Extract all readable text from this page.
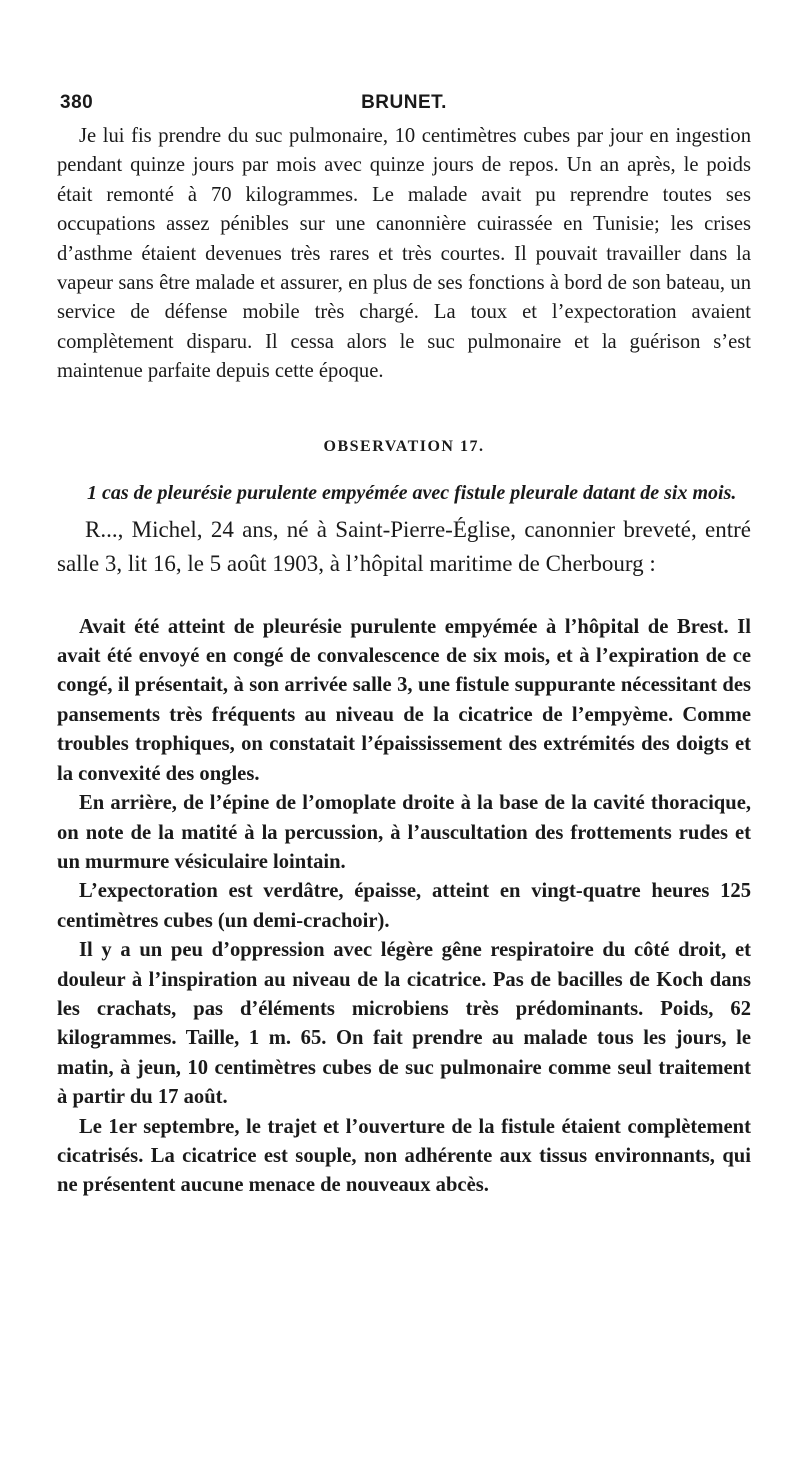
380	BRUNET.

Je lui fis prendre du suc pulmonaire, 10 centimètres cubes par jour en ingestion pendant quinze jours par mois avec quinze jours de repos. Un an après, le poids était remonté à 70 kilogrammes. Le malade avait pu reprendre toutes ses occupations assez pénibles sur une canonnière cuirassée en Tunisie; les crises d’asthme étaient devenues très rares et très courtes. Il pouvait travailler dans la vapeur sans être malade et assurer, en plus de ses fonctions à bord de son bateau, un service de défense mobile très chargé. La toux et l’expectoration avaient complètement disparu. Il cessa alors le suc pulmonaire et la guérison s’est maintenue parfaite depuis cette époque.

OBSERVATION 17.

1 cas de pleurésie purulente empyémée avec fistule pleurale datant de six mois.

R..., Michel, 24 ans, né à Saint-Pierre-Église, canonnier breveté, entré salle 3, lit 16, le 5 août 1903, à l’hôpital maritime de Cherbourg :

Avait été atteint de pleurésie purulente empyémée à l’hôpital de Brest. Il avait été envoyé en congé de convalescence de six mois, et à l’expiration de ce congé, il présentait, à son arrivée salle 3, une fistule suppurante nécessitant des pansements très fréquents au niveau de la cicatrice de l’empyème. Comme troubles trophiques, on constatait l’épaississement des extrémités des doigts et la convexité des ongles.

En arrière, de l’épine de l’omoplate droite à la base de la cavité thoracique, on note de la matité à la percussion, à l’auscultation des frottements rudes et un murmure vésiculaire lointain.

L’expectoration est verdâtre, épaisse, atteint en vingt-quatre heures 125 centimètres cubes (un demi-crachoir).

Il y a un peu d’oppression avec légère gêne respiratoire du côté droit, et douleur à l’inspiration au niveau de la cicatrice. Pas de bacilles de Koch dans les crachats, pas d’éléments microbiens très prédominants. Poids, 62 kilogrammes. Taille, 1 m. 65. On fait prendre au malade tous les jours, le matin, à jeun, 10 centimètres cubes de suc pulmonaire comme seul traitement à partir du 17 août.

Le 1er septembre, le trajet et l’ouverture de la fistule étaient complètement cicatrisés. La cicatrice est souple, non adhérente aux tissus environnants, qui ne présentent aucune menace de nouveaux abcès.
